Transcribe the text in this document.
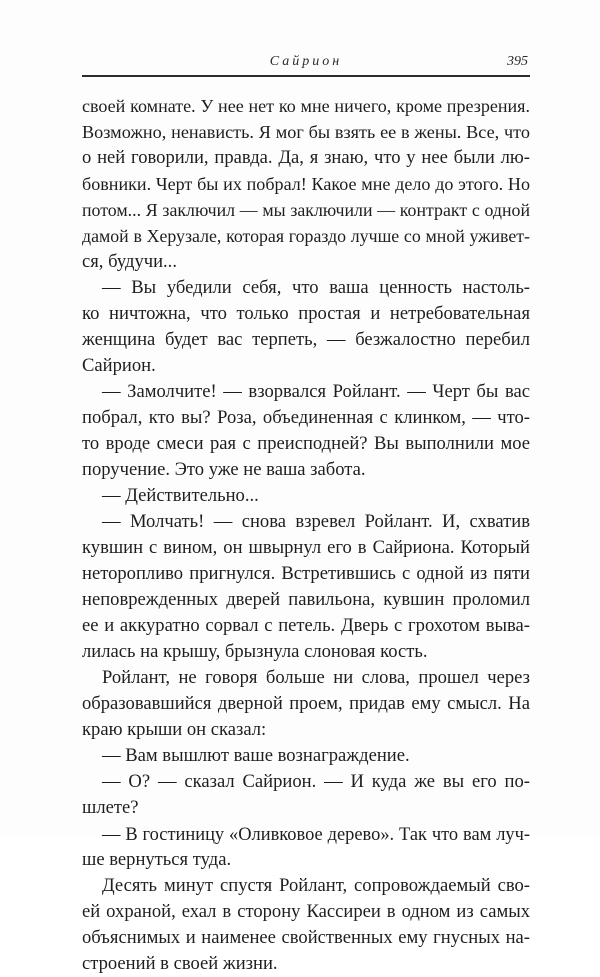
Сайрион	395
своей комнате. У нее нет ко мне ничего, кроме презрения.
Возможно, ненависть. Я мог бы взять ее в жены. Все, что
о ней говорили, правда. Да, я знаю, что у нее были лю-
бовники. Черт бы их побрал! Какое мне дело до этого. Но
потом... Я заключил — мы заключили — контракт с одной
дамой в Херузале, которая гораздо лучше со мной уживет-
ся, будучи...
— Вы убедили себя, что ваша ценность настоль-
ко ничтожна, что только простая и нетребовательная
женщина будет вас терпеть, — безжалостно перебил
Сайрион.
— Замолчите! — взорвался Ройлант. — Черт бы вас
побрал, кто вы? Роза, объединенная с клинком, — что-
то вроде смеси рая с преисподней? Вы выполнили мое
поручение. Это уже не ваша забота.
— Действительно...
— Молчать! — снова взревел Ройлант. И, схватив
кувшин с вином, он швырнул его в Сайриона. Который
неторопливо пригнулся. Встретившись с одной из пяти
неповрежденных дверей павильона, кувшин проломил
ее и аккуратно сорвал с петель. Дверь с грохотом выва-
лилась на крышу, брызнула слоновая кость.
Ройлант, не говоря больше ни слова, прошел через
образовавшийся дверной проем, придав ему смысл. На
краю крыши он сказал:
— Вам вышлют ваше вознаграждение.
— О? — сказал Сайрион. — И куда же вы его по-
шлете?
— В гостиницу «Оливковое дерево». Так что вам луч-
ше вернуться туда.
Десять минут спустя Ройлант, сопровождаемый сво-
ей охраной, ехал в сторону Кассиреи в одном из самых
объяснимых и наименее свойственных ему гнусных на-
строений в своей жизни.
